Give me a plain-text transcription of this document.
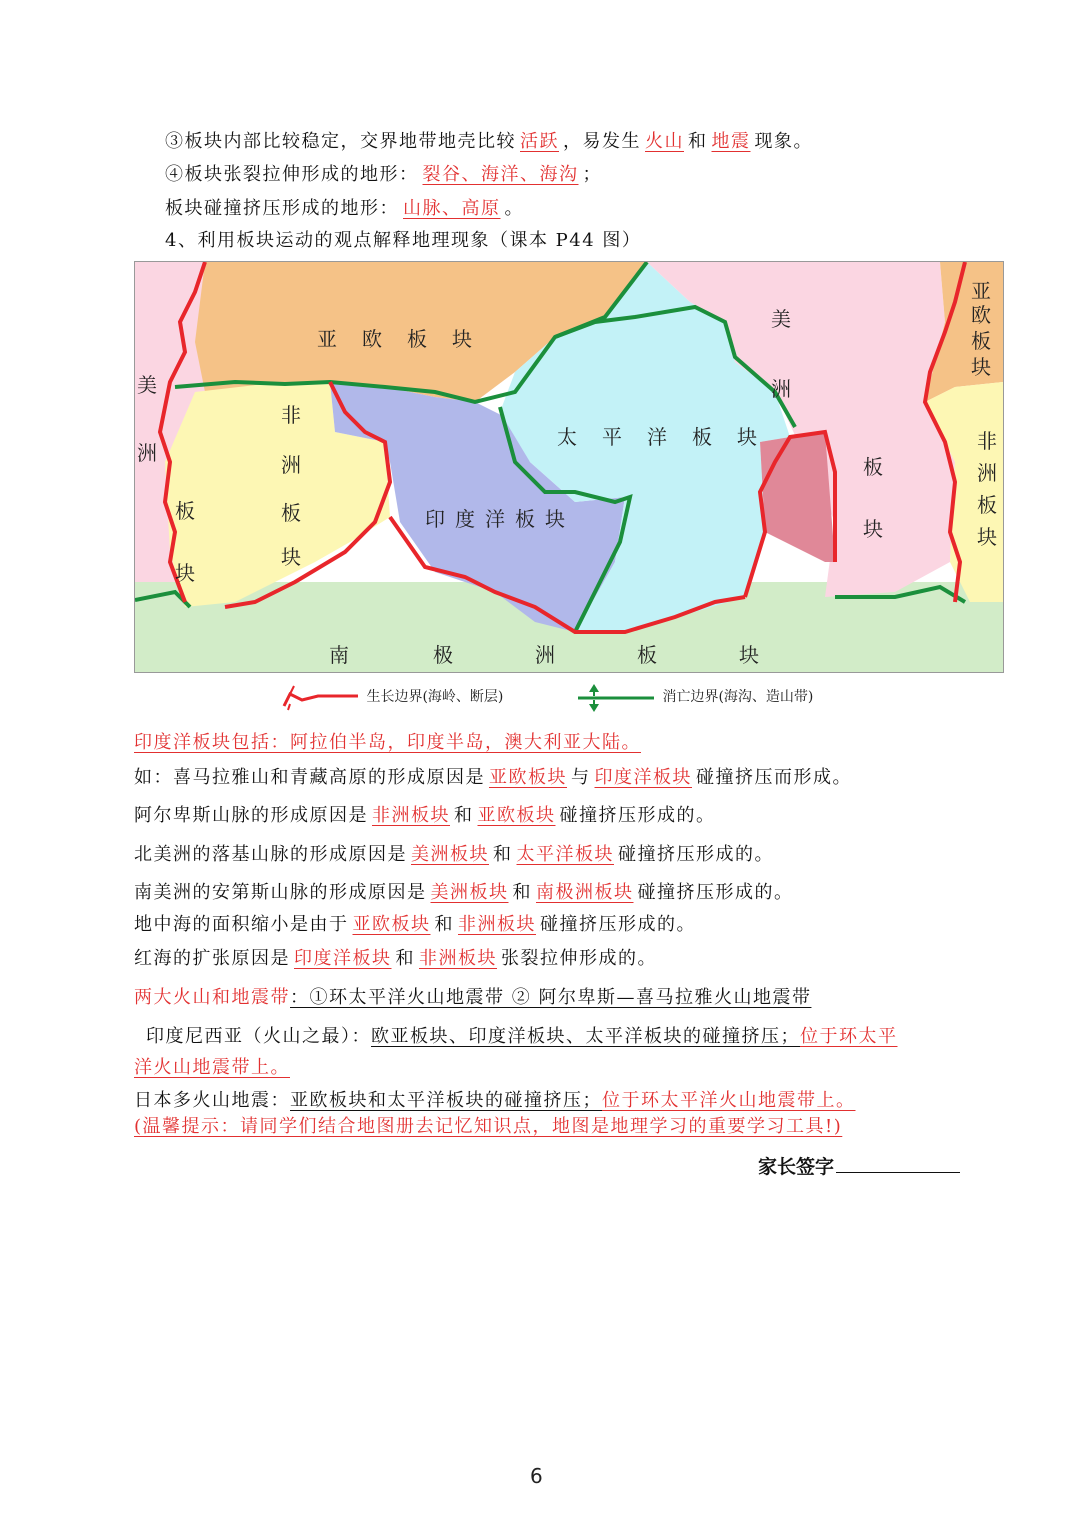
③板块内部比较稳定，交界地带地壳比较 活跃 ，易发生 火山 和 地震 现象。
④板块张裂拉伸形成的地形： 裂谷、海洋、海沟 ；
板块碰撞挤压形成的地形： 山脉、高原 。
4、利用板块运动的观点解释地理现象（课本 P44 图）
亚 欧 板 块
非
洲
板
块
美
洲
板
块
太 平 洋 板 块
印 度 洋 板 块
美
洲
板
块
亚
欧
板
块
非
洲
板
块
南	极	洲	板	块
生长边界(海岭、断层)	消亡边界(海沟、造山带)
印度洋板块包括：阿拉伯半岛，印度半岛，澳大利亚大陆。
如：喜马拉雅山和青藏高原的形成原因是 亚欧板块 与 印度洋板块 碰撞挤压而形成。
阿尔卑斯山脉的形成原因是 非洲板块 和 亚欧板块 碰撞挤压形成的。
北美洲的落基山脉的形成原因是 美洲板块 和 太平洋板块 碰撞挤压形成的。
南美洲的安第斯山脉的形成原因是 美洲板块 和 南极洲板块 碰撞挤压形成的。
地中海的面积缩小是由于 亚欧板块 和 非洲板块 碰撞挤压形成的。
红海的扩张原因是 印度洋板块 和 非洲板块 张裂拉伸形成的。
两大火山和地震带：①环太平洋火山地震带 ② 阿尔卑斯—喜马拉雅火山地震带
印度尼西亚（火山之最）：欧亚板块、印度洋板块、太平洋板块的碰撞挤压；位于环太平
洋火山地震带上。
日本多火山地震：亚欧板块和太平洋板块的碰撞挤压；位于环太平洋火山地震带上。
(温馨提示：请同学们结合地图册去记忆知识点，地图是地理学习的重要学习工具!)
家长签字
6
